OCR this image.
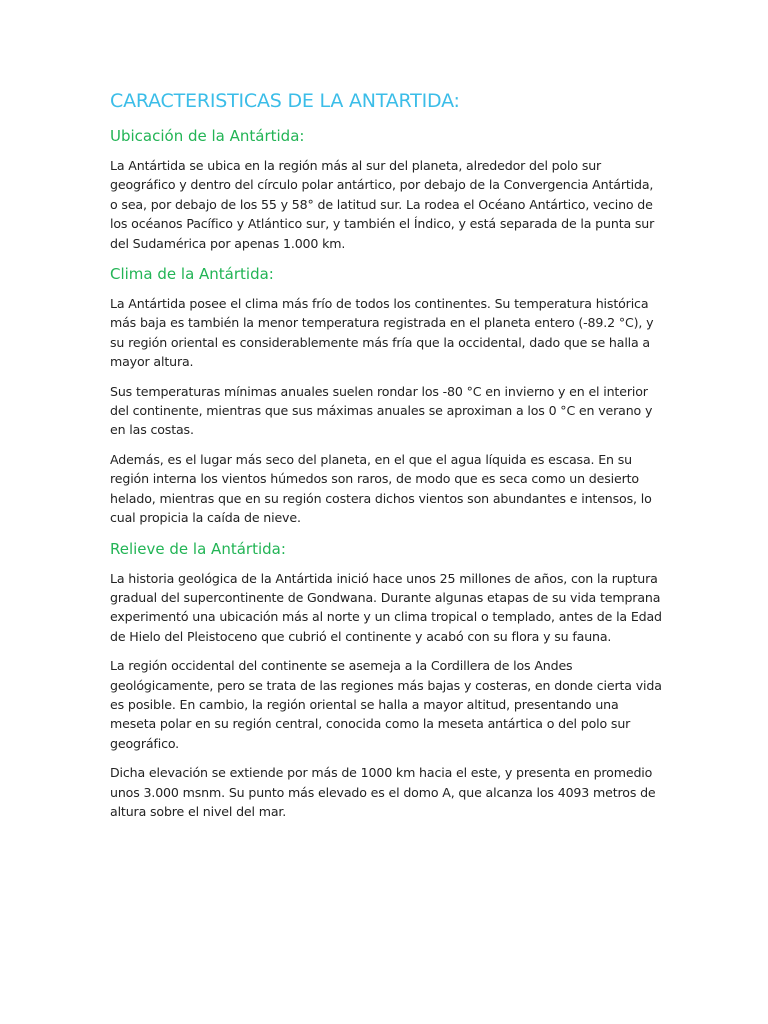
CARACTERISTICAS DE LA ANTARTIDA:
Ubicación de la Antártida:

La Antártida se ubica en la región más al sur del planeta, alrededor del polo sur geográfico y dentro del círculo polar antártico, por debajo de la Convergencia Antártida, o sea, por debajo de los 55 y 58° de latitud sur. La rodea el Océano Antártico, vecino de los océanos Pacífico y Atlántico sur, y también el Índico, y está separada de la punta sur del Sudamérica por apenas 1.000 km.

Clima de la Antártida:

La Antártida posee el clima más frío de todos los continentes. Su temperatura histórica más baja es también la menor temperatura registrada en el planeta entero (-89.2 °C), y su región oriental es considerablemente más fría que la occidental, dado que se halla a mayor altura.

Sus temperaturas mínimas anuales suelen rondar los -80 °C en invierno y en el interior del continente, mientras que sus máximas anuales se aproximan a los 0 °C en verano y en las costas.

Además, es el lugar más seco del planeta, en el que el agua líquida es escasa. En su región interna los vientos húmedos son raros, de modo que es seca como un desierto helado, mientras que en su región costera dichos vientos son abundantes e intensos, lo cual propicia la caída de nieve.

Relieve de la Antártida:

La historia geológica de la Antártida inició hace unos 25 millones de años, con la ruptura gradual del supercontinente de Gondwana. Durante algunas etapas de su vida temprana experimentó una ubicación más al norte y un clima tropical o templado, antes de la Edad de Hielo del Pleistoceno que cubrió el continente y acabó con su flora y su fauna.

La región occidental del continente se asemeja a la Cordillera de los Andes geológicamente, pero se trata de las regiones más bajas y costeras, en donde cierta vida es posible. En cambio, la región oriental se halla a mayor altitud, presentando una meseta polar en su región central, conocida como la meseta antártica o del polo sur geográfico.

Dicha elevación se extiende por más de 1000 km hacia el este, y presenta en promedio unos 3.000 msnm. Su punto más elevado es el domo A, que alcanza los 4093 metros de altura sobre el nivel del mar.
